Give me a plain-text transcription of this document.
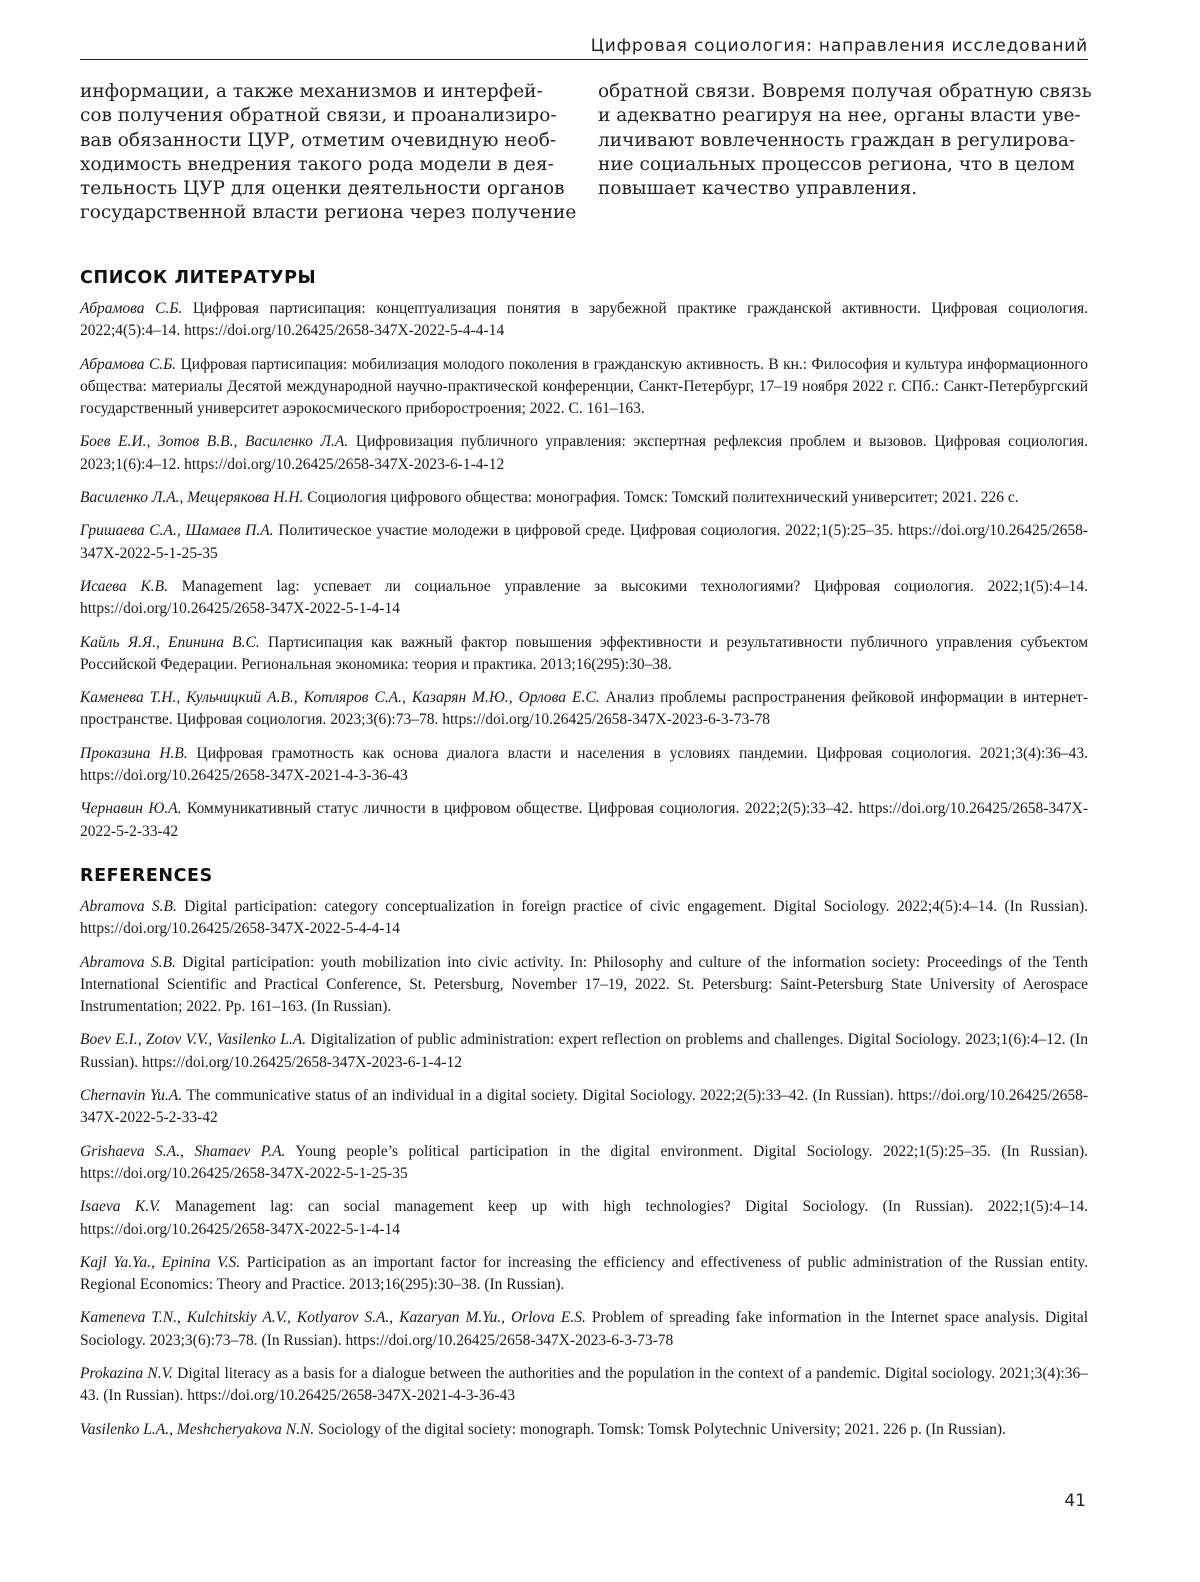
Цифровая социология: направления исследований
информации, а также механизмов и интерфей-
сов получения обратной связи, и проанализиро-
вав обязанности ЦУР, отметим очевидную необ-
ходимость внедрения такого рода модели в дея-
тельность ЦУР для оценки деятельности органов
государственной власти региона через получение
обратной связи. Вовремя получая обратную связь
и адекватно реагируя на нее, органы власти уве-
личивают вовлеченность граждан в регулирова-
ние социальных процессов региона, что в целом
повышает качество управления.
СПИСОК ЛИТЕРАТУРЫ

Абрамова С.Б. Цифровая партисипация: концептуализация понятия в зарубежной практике гражданской активности. Цифровая социология. 2022;4(5):4–14. https://doi.org/10.26425/2658-347X-2022-5-4-4-14

Абрамова С.Б. Цифровая партисипация: мобилизация молодого поколения в гражданскую активность. В кн.: Философия и культура информационного общества: материалы Десятой международной научно-практической конференции, Санкт-Петербург, 17–19 ноября 2022 г. СПб.: Санкт-Петербургский государственный университет аэрокосмического приборостроения; 2022. С. 161–163.

Боев Е.И., Зотов В.В., Василенко Л.А. Цифровизация публичного управления: экспертная рефлексия проблем и вызовов. Цифровая социология. 2023;1(6):4–12. https://doi.org/10.26425/2658-347X-2023-6-1-4-12

Василенко Л.А., Мещерякова Н.Н. Социология цифрового общества: монография. Томск: Томский политехнический университет; 2021. 226 с.

Гришаева С.А., Шамаев П.А. Политическое участие молодежи в цифровой среде. Цифровая социология. 2022;1(5):25–35. https://doi.org/10.26425/2658-347X-2022-5-1-25-35

Исаева К.В. Management lag: успевает ли социальное управление за высокими технологиями? Цифровая социология. 2022;1(5):4–14. https://doi.org/10.26425/2658-347X-2022-5-1-4-14

Кайль Я.Я., Епинина В.С. Партисипация как важный фактор повышения эффективности и результативности публичного управления субъектом Российской Федерации. Региональная экономика: теория и практика. 2013;16(295):30–38.

Каменева Т.Н., Кульчицкий А.В., Котляров С.А., Казарян М.Ю., Орлова Е.С. Анализ проблемы распространения фейковой информации в интернет-пространстве. Цифровая социология. 2023;3(6):73–78. https://doi.org/10.26425/2658-347X-2023-6-3-73-78

Проказина Н.В. Цифровая грамотность как основа диалога власти и населения в условиях пандемии. Цифровая социология. 2021;3(4):36–43. https://doi.org/10.26425/2658-347X-2021-4-3-36-43

Чернавин Ю.А. Коммуникативный статус личности в цифровом обществе. Цифровая социология. 2022;2(5):33–42. https://doi.org/10.26425/2658-347X-2022-5-2-33-42

REFERENCES

Abramova S.B. Digital participation: category conceptualization in foreign practice of civic engagement. Digital Sociology. 2022;4(5):4–14. (In Russian). https://doi.org/10.26425/2658-347X-2022-5-4-4-14

Abramova S.B. Digital participation: youth mobilization into civic activity. In: Philosophy and culture of the information society: Proceedings of the Tenth International Scientific and Practical Conference, St. Petersburg, November 17–19, 2022. St. Petersburg: Saint-Petersburg State University of Aerospace Instrumentation; 2022. Pp. 161–163. (In Russian).

Boev E.I., Zotov V.V., Vasilenko L.A. Digitalization of public administration: expert reflection on problems and challenges. Digital Sociology. 2023;1(6):4–12. (In Russian). https://doi.org/10.26425/2658-347X-2023-6-1-4-12

Chernavin Yu.A. The communicative status of an individual in a digital society. Digital Sociology. 2022;2(5):33–42. (In Russian). https://doi.org/10.26425/2658-347X-2022-5-2-33-42

Grishaeva S.A., Shamaev P.A. Young people’s political participation in the digital environment. Digital Sociology. 2022;1(5):25–35. (In Russian). https://doi.org/10.26425/2658-347X-2022-5-1-25-35

Isaeva K.V. Management lag: can social management keep up with high technologies? Digital Sociology. (In Russian). 2022;1(5):4–14. https://doi.org/10.26425/2658-347X-2022-5-1-4-14

Kajl Ya.Ya., Epinina V.S. Participation as an important factor for increasing the efficiency and effectiveness of public administration of the Russian entity. Regional Economics: Theory and Practice. 2013;16(295):30–38. (In Russian).

Kameneva T.N., Kulchitskiy A.V., Kotlyarov S.A., Kazaryan M.Yu., Orlova E.S. Problem of spreading fake information in the Internet space analysis. Digital Sociology. 2023;3(6):73–78. (In Russian). https://doi.org/10.26425/2658-347X-2023-6-3-73-78

Prokazina N.V. Digital literacy as a basis for a dialogue between the authorities and the population in the context of a pandemic. Digital sociology. 2021;3(4):36–43. (In Russian). https://doi.org/10.26425/2658-347X-2021-4-3-36-43

Vasilenko L.A., Meshcheryakova N.N. Sociology of the digital society: monograph. Tomsk: Tomsk Polytechnic University; 2021. 226 p. (In Russian).

41
